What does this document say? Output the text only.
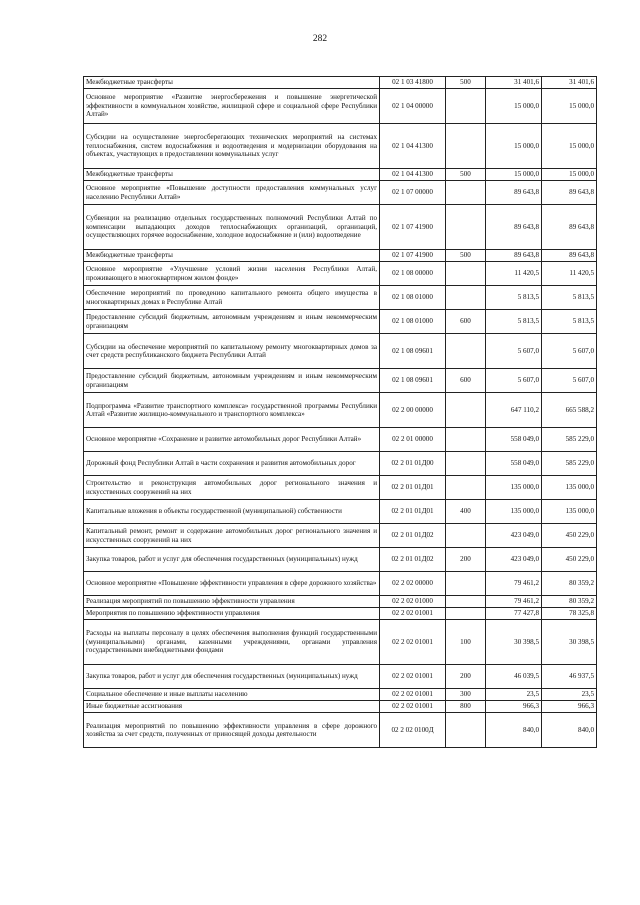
282
Межбюджетные трансферты	02 1 03 41800	500	31 401,6	31 401,6
Основное мероприятие «Развитие энергосбережения и повышение энергетической эффективности в коммунальном хозяйстве, жилищной сфере и социальной сфере Республики Алтай»	02 1 04 00000		15 000,0	15 000,0
Субсидии на осуществление энергосберегающих технических мероприятий на системах теплоснабжения, систем водоснабжения и водоотведения и модернизации оборудования на объектах, участвующих в предоставлении коммунальных услуг	02 1 04 41300		15 000,0	15 000,0
Межбюджетные трансферты	02 1 04 41300	500	15 000,0	15 000,0
Основное мероприятие «Повышение доступности предоставления коммунальных услуг населению Республики Алтай»	02 1 07 00000		89 643,8	89 643,8
Субвенции на реализацию отдельных государственных полномочий Республики Алтай по компенсации выпадающих доходов теплоснабжающих организаций, организаций, осуществляющих горячее водоснабжение, холодное водоснабжение и (или) водоотведение	02 1 07 41900		89 643,8	89 643,8
Межбюджетные трансферты	02 1 07 41900	500	89 643,8	89 643,8
Основное мероприятие «Улучшение условий жизни населения Республики Алтай, проживающего в многоквартирном жилом фонде»	02 1 08 00000		11 420,5	11 420,5
Обеспечение мероприятий по проведению капитального ремонта общего имущества в многоквартирных домах в Республике Алтай	02 1 08 01000		5 813,5	5 813,5
Предоставление субсидий бюджетным, автономным учреждениям и иным некоммерческим организациям	02 1 08 01000	600	5 813,5	5 813,5
Субсидии на обеспечение мероприятий по капитальному ремонту многоквартирных домов за счет средств республиканского бюджета Республики Алтай	02 1 08 09601		5 607,0	5 607,0
Предоставление субсидий бюджетным, автономным учреждениям и иным некоммерческим организациям	02 1 08 09601	600	5 607,0	5 607,0
Подпрограмма «Развитие транспортного комплекса» государственной программы Республики Алтай «Развитие жилищно-коммунального и транспортного комплекса»	02 2 00 00000		647 110,2	665 588,2
Основное мероприятие «Сохранение и развитие автомобильных дорог Республики Алтай»	02 2 01 00000		558 049,0	585 229,0
Дорожный фонд Республики Алтай в части сохранения и развития автомобильных дорог	02 2 01 01Д00		558 049,0	585 229,0
Строительство и реконструкция автомобильных дорог регионального значения и искусственных сооружений на них	02 2 01 01Д01		135 000,0	135 000,0
Капитальные вложения в объекты государственной (муниципальной) собственности	02 2 01 01Д01	400	135 000,0	135 000,0
Капитальный ремонт, ремонт и содержание автомобильных дорог регионального значения и искусственных сооружений на них	02 2 01 01Д02		423 049,0	450 229,0
Закупка товаров, работ и услуг для обеспечения государственных (муниципальных) нужд	02 2 01 01Д02	200	423 049,0	450 229,0
Основное мероприятие «Повышение эффективности управления в сфере дорожного хозяйства»	02 2 02 00000		79 461,2	80 359,2
Реализация мероприятий по повышению эффективности управления	02 2 02 01000		79 461,2	80 359,2
Мероприятия по повышению эффективности управления	02 2 02 01001		77 427,8	78 325,8
Расходы на выплаты персоналу в целях обеспечения выполнения функций государственными (муниципальными) органами, казенными учреждениями, органами управления государственными внебюджетными фондами	02 2 02 01001	100	30 398,5	30 398,5
Закупка товаров, работ и услуг для обеспечения государственных (муниципальных) нужд	02 2 02 01001	200	46 039,5	46 937,5
Социальное обеспечение и иные выплаты населению	02 2 02 01001	300	23,5	23,5
Иные бюджетные ассигнования	02 2 02 01001	800	966,3	966,3
Реализация мероприятий по повышению эффективности управления в сфере дорожного хозяйства за счет средств, полученных от приносящей доходы деятельности	02 2 02 0100Д		840,0	840,0
